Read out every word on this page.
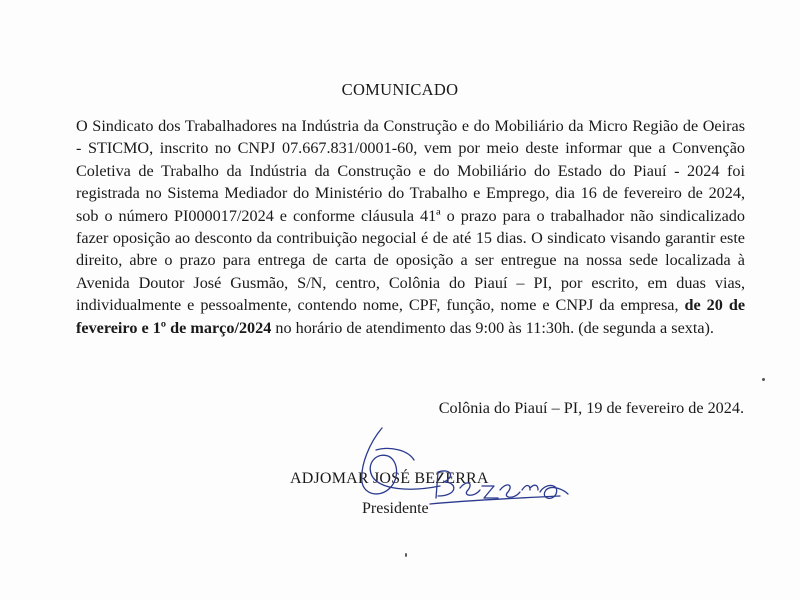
COMUNICADO

O Sindicato dos Trabalhadores na Indústria da Construção e do Mobiliário da Micro Região de Oeiras - STICMO, inscrito no CNPJ 07.667.831/0001-60, vem por meio deste informar que a Convenção Coletiva de Trabalho da Indústria da Construção e do Mobiliário do Estado do Piauí - 2024 foi registrada no Sistema Mediador do Ministério do Trabalho e Emprego, dia 16 de fevereiro de 2024, sob o número PI000017/2024 e conforme cláusula 41ª o prazo para o trabalhador não sindicalizado fazer oposição ao desconto da contribuição negocial é de até 15 dias. O sindicato visando garantir este direito, abre o prazo para entrega de carta de oposição a ser entregue na nossa sede localizada à Avenida Doutor José Gusmão, S/N, centro, Colônia do Piauí – PI, por escrito, em duas vias, individualmente e pessoalmente, contendo nome, CPF, função, nome e CNPJ da empresa, de 20 de fevereiro e 1º de março/2024 no horário de atendimento das 9:00 às 11:30h. (de segunda a sexta).

Colônia do Piauí – PI, 19 de fevereiro de 2024.
ADJOMAR JOSÉ BEZERRA
Presidente
